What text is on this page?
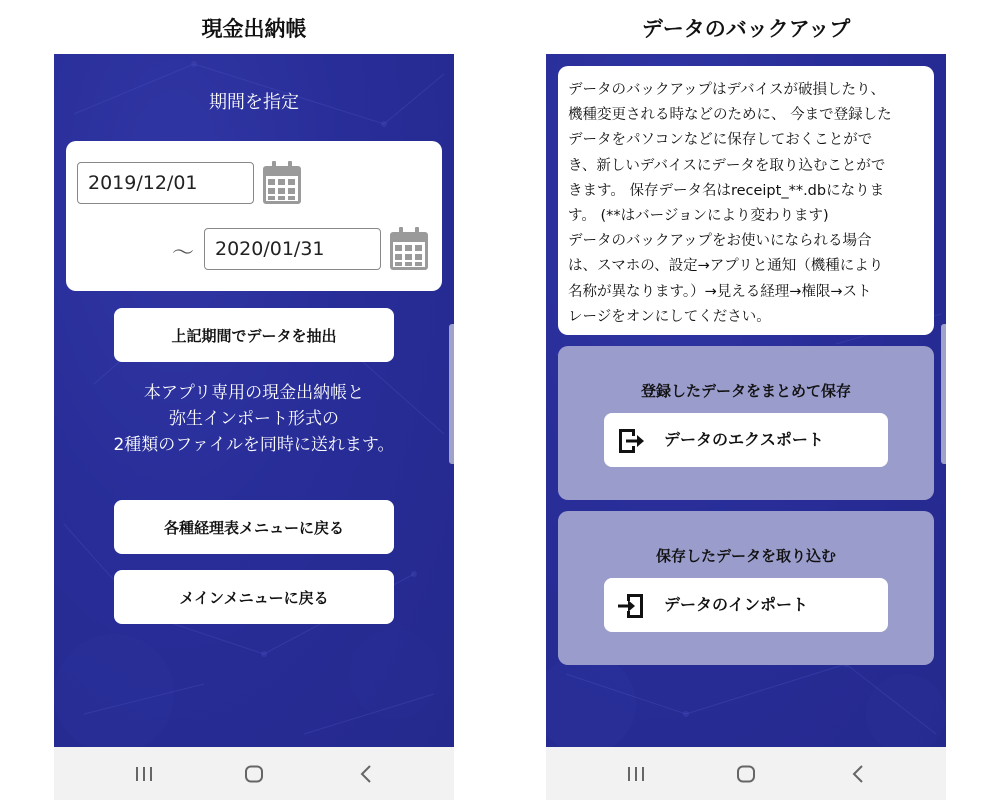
現金出納帳	データのバックアップ
期間を指定
2019/12/01
～	2020/01/31
上記期間でデータを抽出
本アプリ専用の現金出納帳と
弥生インポート形式の
2種類のファイルを同時に送れます。
各種経理表メニューに戻る
メインメニューに戻る
データのバックアップはデバイスが破損したり、
機種変更される時などのために、 今まで登録した
データをパソコンなどに保存しておくことがで
き、新しいデバイスにデータを取り込むことがで
きます。 保存データ名はreceipt_**.dbになりま
す。 (**はバージョンにより変わります)
データのバックアップをお使いになられる場合
は、スマホの、設定→アプリと通知（機種により
名称が異なります。）→見える経理→権限→スト
レージをオンにしてください。
登録したデータをまとめて保存
データのエクスポート
保存したデータを取り込む
データのインポート
